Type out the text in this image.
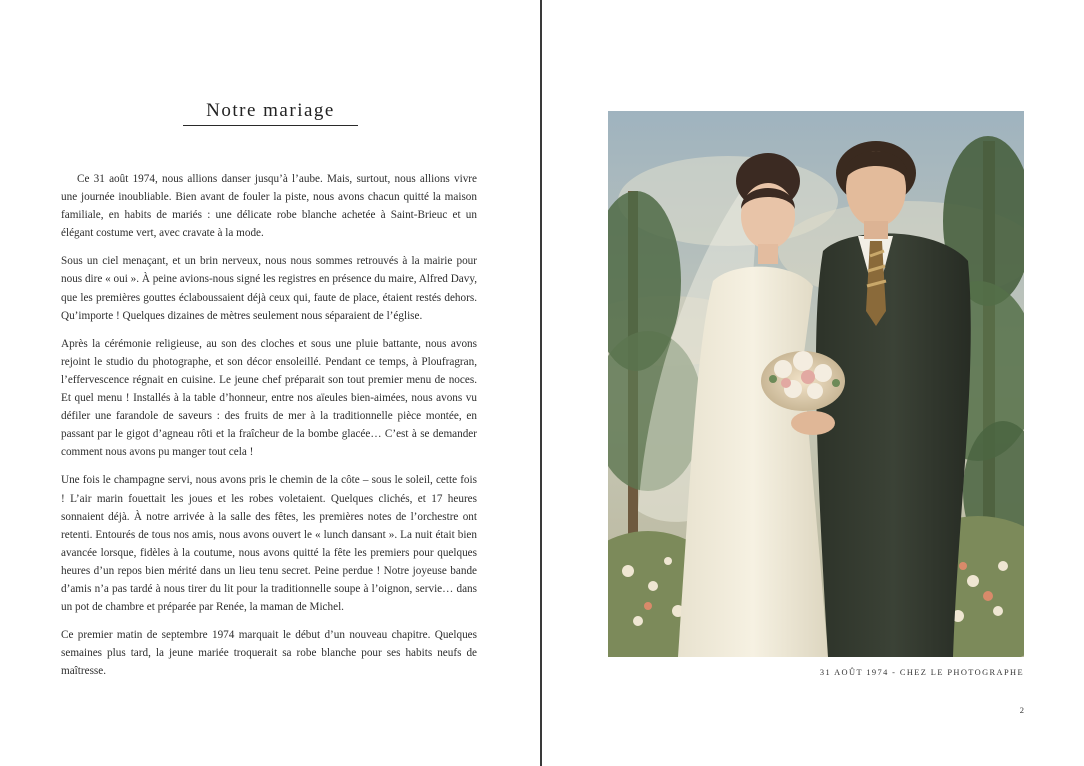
Notre mariage

Ce 31 août 1974, nous allions danser jusqu’à l’aube. Mais, surtout, nous allions vivre une journée inoubliable. Bien avant de fouler la piste, nous avons chacun quitté la maison familiale, en habits de mariés : une délicate robe blanche achetée à Saint-Brieuc et un élégant costume vert, avec cravate à la mode.

Sous un ciel menaçant, et un brin nerveux, nous nous sommes retrouvés à la mairie pour nous dire « oui ». À peine avions-nous signé les registres en présence du maire, Alfred Davy, que les premières gouttes éclaboussaient déjà ceux qui, faute de place, étaient restés dehors. Qu’importe ! Quelques dizaines de mètres seulement nous séparaient de l’église.

Après la cérémonie religieuse, au son des cloches et sous une pluie battante, nous avons rejoint le studio du photographe, et son décor ensoleillé. Pendant ce temps, à Ploufragran, l’effervescence régnait en cuisine. Le jeune chef préparait son tout premier menu de noces. Et quel menu ! Installés à la table d’honneur, entre nos aïeules bien-aimées, nous avons vu défiler une farandole de saveurs : des fruits de mer à la traditionnelle pièce montée, en passant par le gigot d’agneau rôti et la fraîcheur de la bombe glacée… C’est à se demander comment nous avons pu manger tout cela !

Une fois le champagne servi, nous avons pris le chemin de la côte – sous le soleil, cette fois ! L’air marin fouettait les joues et les robes voletaient. Quelques clichés, et 17 heures sonnaient déjà. À notre arrivée à la salle des fêtes, les premières notes de l’orchestre ont retenti. Entourés de tous nos amis, nous avons ouvert le « lunch dansant ». La nuit était bien avancée lorsque, fidèles à la coutume, nous avons quitté la fête les premiers pour quelques heures d’un repos bien mérité dans un lieu tenu secret. Peine perdue ! Notre joyeuse bande d’amis n’a pas tardé à nous tirer du lit pour la traditionnelle soupe à l’oignon, servie… dans un pot de chambre et préparée par Renée, la maman de Michel.

Ce premier matin de septembre 1974 marquait le début d’un nouveau chapitre. Quelques semaines plus tard, la jeune mariée troquerait sa robe blanche pour ses habits neufs de maîtresse.	31 AOÛT 1974 - CHEZ LE PHOTOGRAPHE
2
